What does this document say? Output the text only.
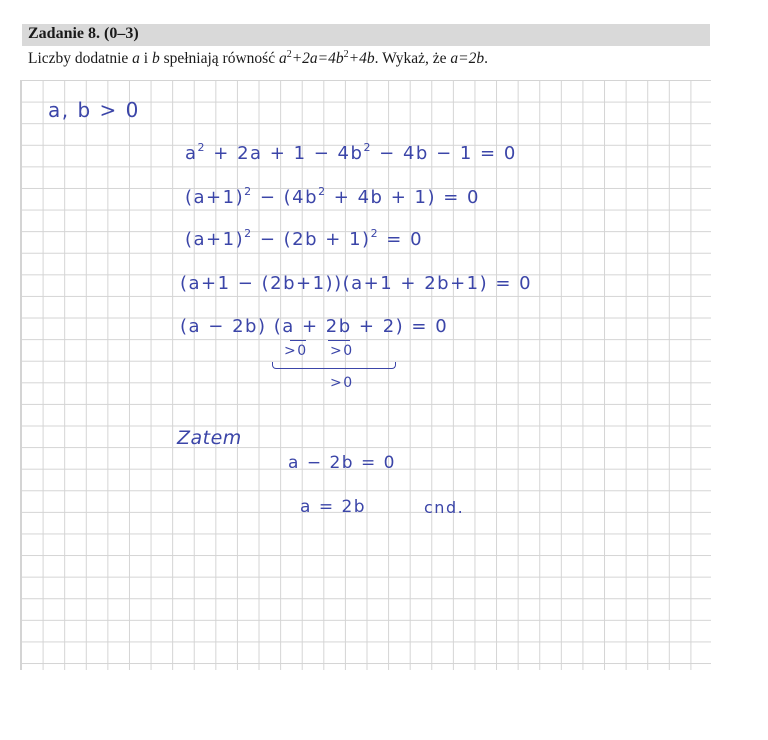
Zadanie 8. (0–3)
Liczby dodatnie a i b spełniają równość $a^2+2a=4b^2+4b$. Wykaż, że a=2b.
a, b > 0
$a^2 + 2a + 1 - 4b^2 - 4b - 1 = 0$
$(a+1)^2 - (4b^2 + 4b + 1) = 0$
$(a+1)^2 - (2b + 1)^2 = 0$
(a+1 − (2b+1))(a+1 + 2b+1) = 0
(a − 2b) (a + 2b + 2) = 0
>0 >0
>0
Zatem
a − 2b = 0
a = 2b	cnd.
